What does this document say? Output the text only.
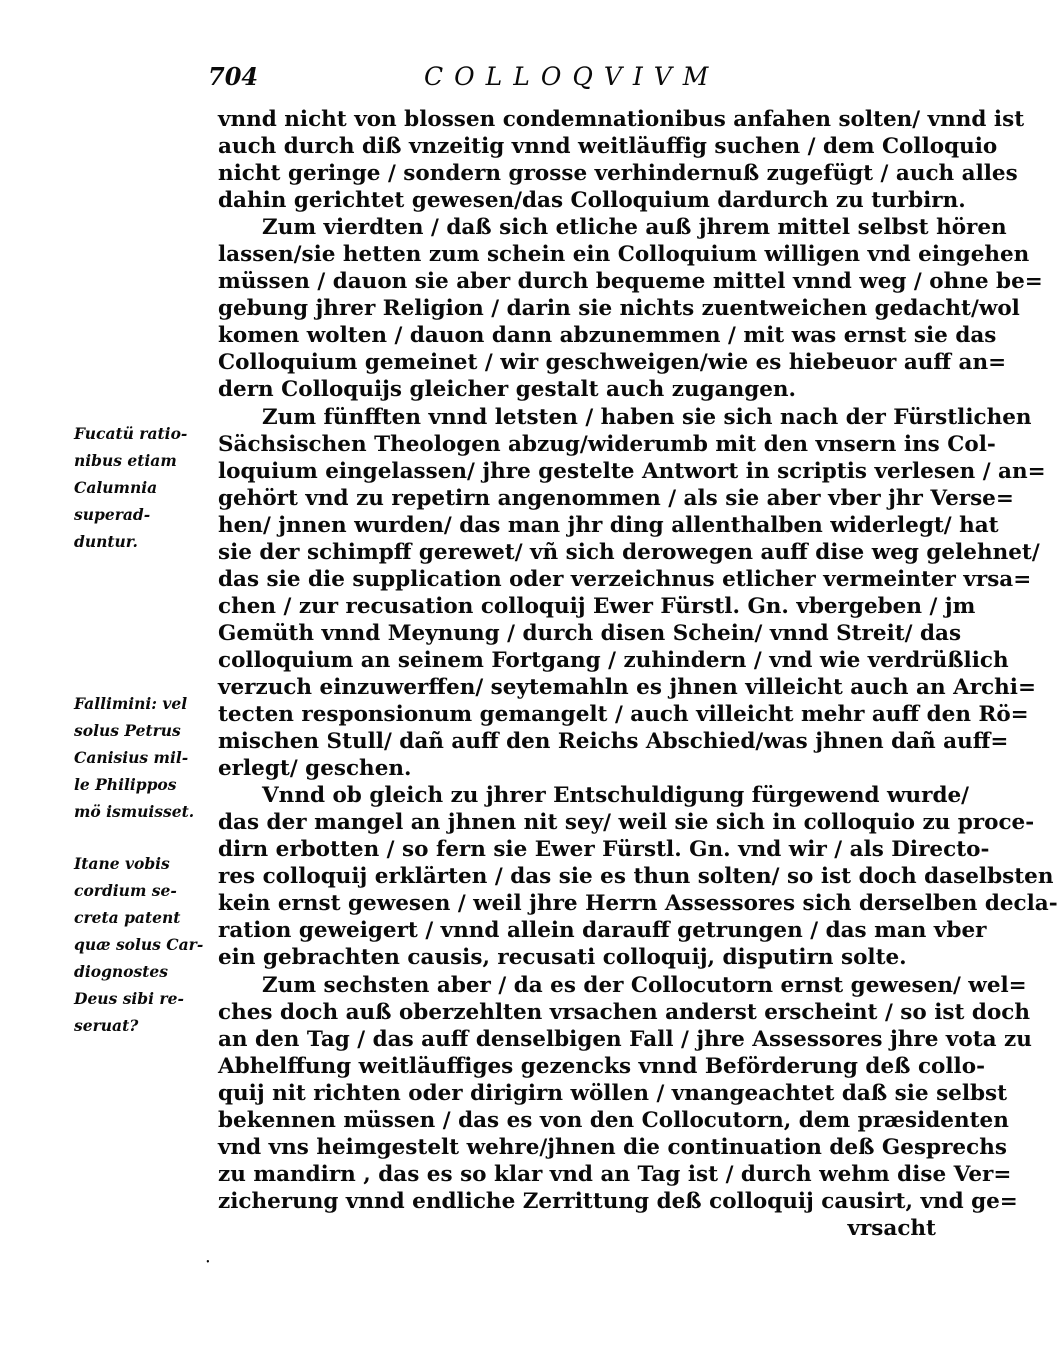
704	COLLOQVIVM
vnnd nicht von blossen condemnationibus anfahen solten/ vnnd ist
auch durch diß vnzeitig vnnd weitläuffig suchen / dem Colloquio
nicht geringe / sondern grosse verhindernuß zugefügt / auch alles
dahin gerichtet gewesen/das Colloquium dardurch zu turbirn.
Zum vierdten / daß sich etliche auß jhrem mittel selbst hören
lassen/sie hetten zum schein ein Colloquium willigen vnd eingehen
müssen / dauon sie aber durch bequeme mittel vnnd weg / ohne be=
gebung jhrer Religion / darin sie nichts zuentweichen gedacht/wol
komen wolten / dauon dann abzunemmen / mit was ernst sie das
Colloquium gemeinet / wir geschweigen/wie es hiebeuor auff an=
dern Colloquijs gleicher gestalt auch zugangen.
Zum fünfften vnnd letsten / haben sie sich nach der Fürstlichen
Sächsischen Theologen abzug/widerumb mit den vnsern ins Col-
loquium eingelassen/ jhre gestelte Antwort in scriptis verlesen / an=
gehört vnd zu repetirn angenommen / als sie aber vber jhr Verse=
hen/ jnnen wurden/ das man jhr ding allenthalben widerlegt/ hat
sie der schimpff gerewet/ vñ sich derowegen auff dise weg gelehnet/
das sie die supplication oder verzeichnus etlicher vermeinter vrsa=
chen / zur recusation colloquij Ewer Fürstl. Gn. vbergeben / jm
Gemüth vnnd Meynung / durch disen Schein/ vnnd Streit/ das
colloquium an seinem Fortgang / zuhindern / vnd wie verdrüßlich
verzuch einzuwerffen/ seytemahln es jhnen villeicht auch an Archi=
tecten responsionum gemangelt / auch villeicht mehr auff den Rö=
mischen Stull/ dañ auff den Reichs Abschied/was jhnen dañ auff=
erlegt/ geschen.
Vnnd ob gleich zu jhrer Entschuldigung fürgewend wurde/
das der mangel an jhnen nit sey/ weil sie sich in colloquio zu proce-
dirn erbotten / so fern sie Ewer Fürstl. Gn. vnd wir / als Directo-
res colloquij erklärten / das sie es thun solten/ so ist doch daselbsten
kein ernst gewesen / weil jhre Herrn Assessores sich derselben decla-
ration geweigert / vnnd allein darauff getrungen / das man vber
ein gebrachten causis, recusati colloquij, disputirn solte.
Zum sechsten aber / da es der Collocutorn ernst gewesen/ wel=
ches doch auß oberzehlten vrsachen anderst erscheint / so ist doch
an den Tag / das auff denselbigen Fall / jhre Assessores jhre vota zu
Abhelffung weitläuffiges gezencks vnnd Beförderung deß collo-
quij nit richten oder dirigirn wöllen / vnangeachtet daß sie selbst
bekennen müssen / das es von den Collocutorn, dem præsidenten
vnd vns heimgestelt wehre/jhnen die continuation deß Gesprechs
zu mandirn , das es so klar vnd an Tag ist / durch wehm dise Ver=
zicherung vnnd endliche Zerrittung deß colloquij causirt, vnd ge=
vrsacht
Fucatü ratio-
nibus etiam
Calumnia
superad-
duntur.
Fallimini: vel
solus Petrus
Canisius mil-
le Philippos
mö ismuisset.
Itane vobis
cordium se-
creta patent
quæ solus Car-
diognostes
Deus sibi re-
seruat?
⸳
